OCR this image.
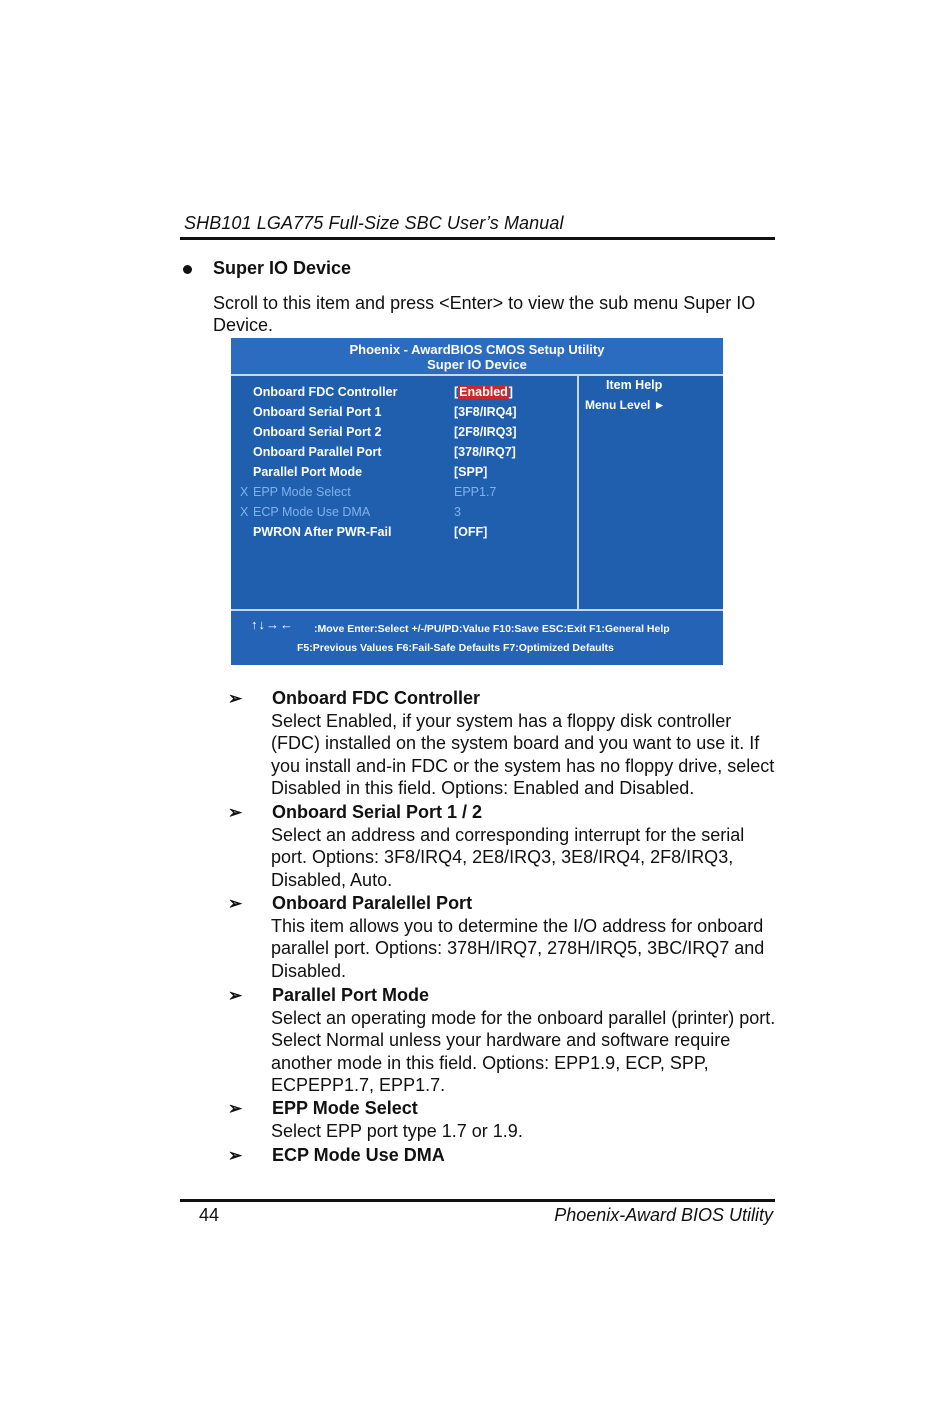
SHB101 LGA775 Full-Size SBC User’s Manual
Super IO Device
Scroll to this item and press <Enter> to view the sub menu Super IO Device.
Phoenix - AwardBIOS CMOS Setup Utility
Super IO Device
Onboard FDC Controller	[Enabled]
Onboard Serial Port 1	[3F8/IRQ4]
Onboard Serial Port 2	[2F8/IRQ3]
Onboard Parallel Port	[378/IRQ7]
Parallel Port Mode	[SPP]
X EPP Mode Select	EPP1.7
X ECP Mode Use DMA	3
PWRON After PWR-Fail	[OFF]
Item Help
Menu Level ►
↑↓→← :Move Enter:Select +/-/PU/PD:Value F10:Save ESC:Exit F1:General Help
F5:Previous Values F6:Fail-Safe Defaults F7:Optimized Defaults
➢ Onboard FDC Controller
Select Enabled, if your system has a floppy disk controller (FDC) installed on the system board and you want to use it. If you install and-in FDC or the system has no floppy drive, select Disabled in this field. Options: Enabled and Disabled.
➢ Onboard Serial Port 1 / 2
Select an address and corresponding interrupt for the serial port. Options: 3F8/IRQ4, 2E8/IRQ3, 3E8/IRQ4, 2F8/IRQ3, Disabled, Auto.
➢ Onboard Paralellel Port
This item allows you to determine the I/O address for onboard parallel port. Options: 378H/IRQ7, 278H/IRQ5, 3BC/IRQ7 and Disabled.
➢ Parallel Port Mode
Select an operating mode for the onboard parallel (printer) port. Select Normal unless your hardware and software require another mode in this field. Options: EPP1.9, ECP, SPP, ECPEPP1.7, EPP1.7.
➢ EPP Mode Select
Select EPP port type 1.7 or 1.9.
➢ ECP Mode Use DMA
44	Phoenix-Award BIOS Utility
